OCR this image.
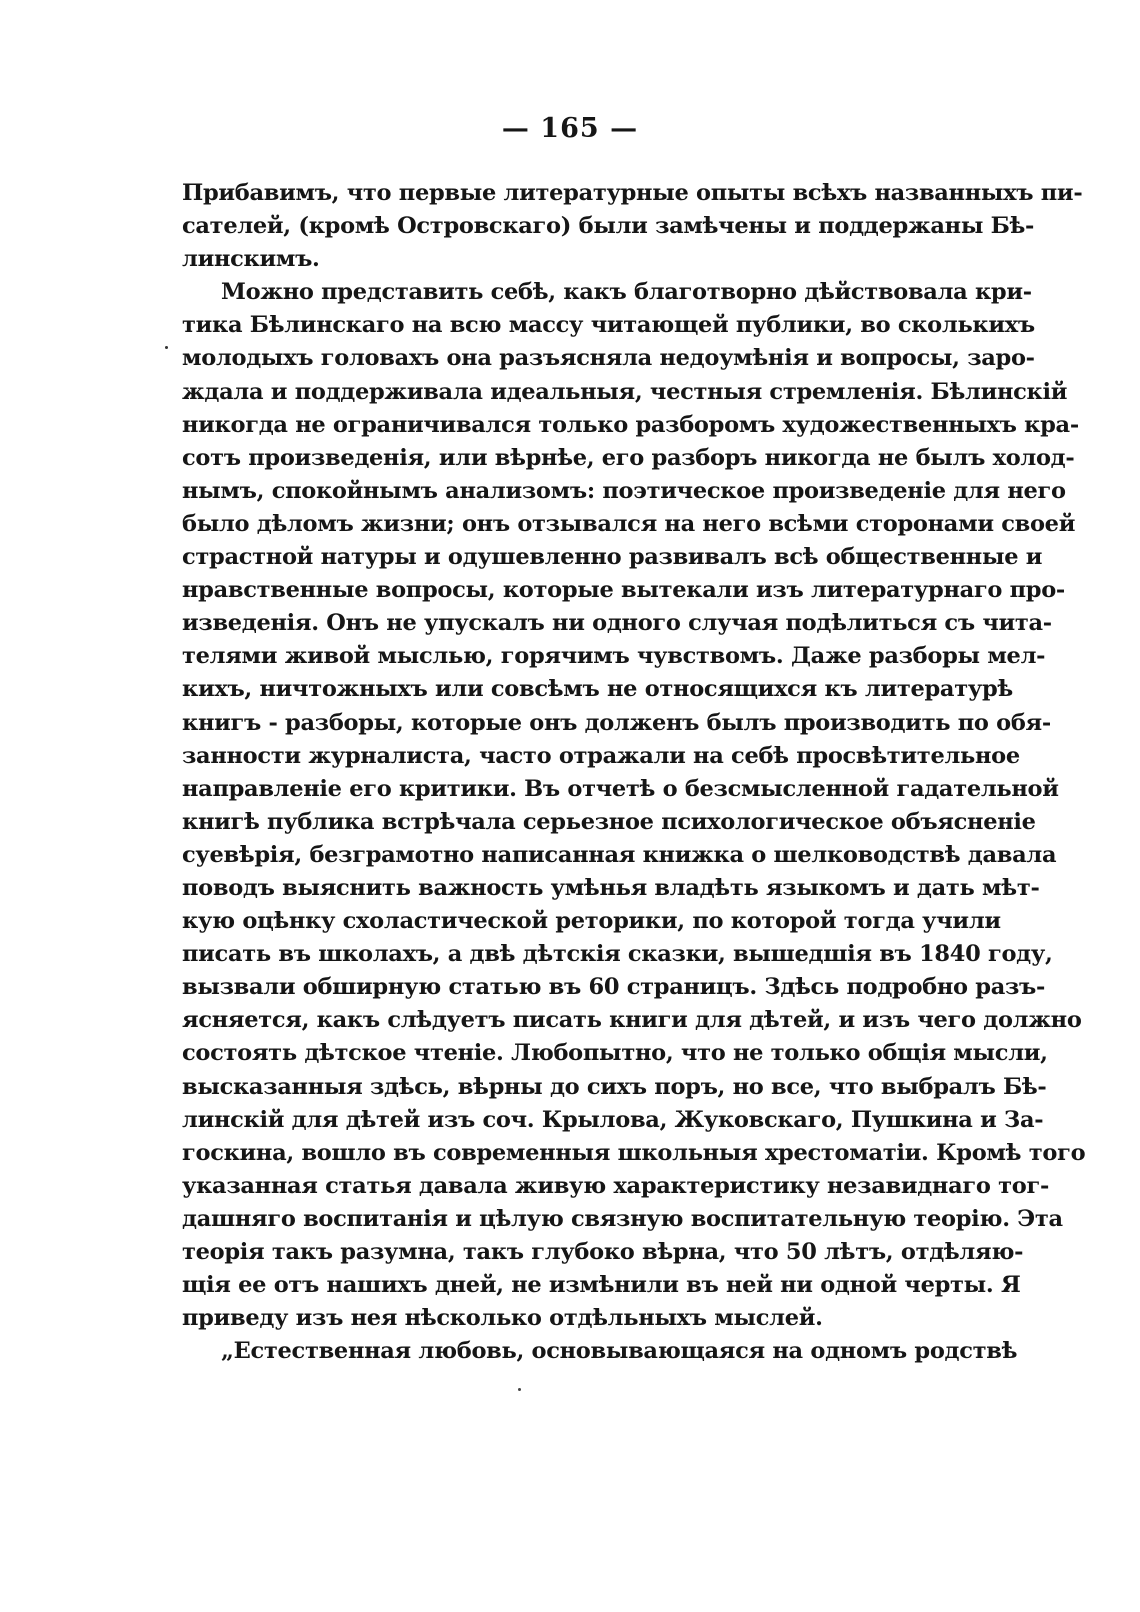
— 165 —
Прибавимъ, что первые литературные опыты всѣхъ названныхъ пи-
сателей, (кромѣ Островскаго) были замѣчены и поддержаны Бѣ-
линскимъ.
Можно представить себѣ, какъ благотворно дѣйствовала кри-
тика Бѣлинскаго на всю массу читающей публики, во сколькихъ
молодыхъ головахъ она разъясняла недоумѣнія и вопросы, заро-
ждала и поддерживала идеальныя, честныя стремленія. Бѣлинскій
никогда не ограничивался только разборомъ художественныхъ кра-
сотъ произведенія, или вѣрнѣе, его разборъ никогда не былъ холод-
нымъ, спокойнымъ анализомъ: поэтическое произведеніе для него
было дѣломъ жизни; онъ отзывался на него всѣми сторонами своей
страстной натуры и одушевленно развивалъ всѣ общественные и
нравственные вопросы, которые вытекали изъ литературнаго про-
изведенія. Онъ не упускалъ ни одного случая подѣлиться съ чита-
телями живой мыслью, горячимъ чувствомъ. Даже разборы мел-
кихъ, ничтожныхъ или совсѣмъ не относящихся къ литературѣ
книгъ - разборы, которые онъ долженъ былъ производить по обя-
занности журналиста, часто отражали на себѣ просвѣтительное
направленіе его критики. Въ отчетѣ о безсмысленной гадательной
книгѣ публика встрѣчала серьезное психологическое объясненіе
суевѣрія, безграмотно написанная книжка о шелководствѣ давала
поводъ выяснить важность умѣнья владѣть языкомъ и дать мѣт-
кую оцѣнку схоластической реторики, по которой тогда учили
писать въ школахъ, а двѣ дѣтскія сказки, вышедшія въ 1840 году,
вызвали обширную статью въ 60 страницъ. Здѣсь подробно разъ-
ясняется, какъ слѣдуетъ писать книги для дѣтей, и изъ чего должно
состоять дѣтское чтеніе. Любопытно, что не только общія мысли,
высказанныя здѣсь, вѣрны до сихъ поръ, но все, что выбралъ Бѣ-
линскій для дѣтей изъ соч. Крылова, Жуковскаго, Пушкина и За-
госкина, вошло въ современныя школьныя хрестоматіи. Кромѣ того
указанная статья давала живую характеристику незавиднаго тог-
дашняго воспитанія и цѣлую связную воспитательную теорію. Эта
теорія такъ разумна, такъ глубоко вѣрна, что 50 лѣтъ, отдѣляю-
щія ее отъ нашихъ дней, не измѣнили въ ней ни одной черты. Я
приведу изъ нея нѣсколько отдѣльныхъ мыслей.
„Естественная любовь, основывающаяся на одномъ родствѣ
